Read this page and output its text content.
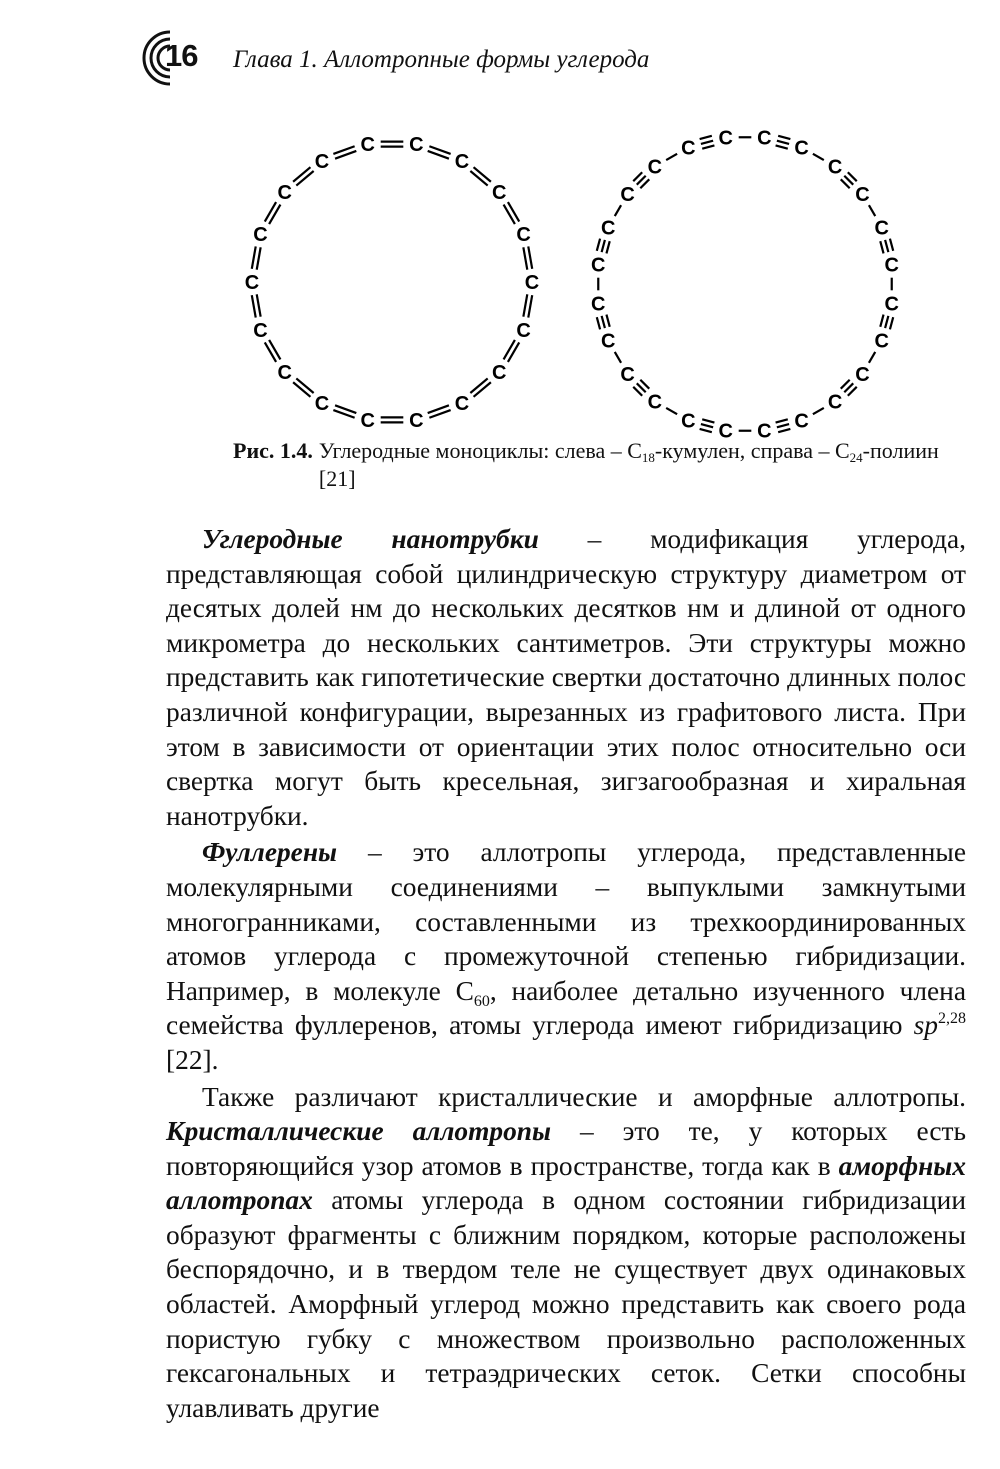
16 Глава 1. Аллотропные формы углерода
C
C
C
C
C
C
C
C
C
C
C
C
C
C
C
C
C
C	C C
C
C
C
C
C
C
C
C
C
C
C
C
C
C
C
C
C
C
C
C
C C
Рис. 1.4. Углеродные моноциклы: слева – $C_{18}$-кумулен, справа – $C_{24}$-полиин [21]

Углеродные нанотрубки – модификация углерода, представляющая собой цилиндрическую структуру диаметром от десятых долей нм до нескольких десятков нм и длиной от одного микрометра до нескольких сантиметров. Эти структуры можно представить как гипотетические свертки достаточно длинных полос различной конфигурации, вырезанных из графитового листа. При этом в зависимости от ориентации этих полос относительно оси свертка могут быть кресельная, зигзагообразная и хиральная нанотрубки.

Фуллерены – это аллотропы углерода, представленные молекулярными соединениями – выпуклыми замкнутыми многогранниками, составленными из трехкоординированных атомов углерода с промежуточной степенью гибридизации. Например, в молекуле $C_{60}$, наиболее детально изученного члена семейства фуллеренов, атомы углерода имеют гибридизацию sp$^{2,28}$ [22].

Также различают кристаллические и аморфные аллотропы. Кристаллические аллотропы – это те, у которых есть повторяющийся узор атомов в пространстве, тогда как в аморфных аллотропах атомы углерода в одном состоянии гибридизации образуют фрагменты с ближним порядком, которые расположены беспорядочно, и в твердом теле не существует двух одинаковых областей. Аморфный углерод можно представить как своего рода пористую губку с множеством произвольно расположенных гексагональных и тетраэдрических сеток. Сетки способны улавливать другие
